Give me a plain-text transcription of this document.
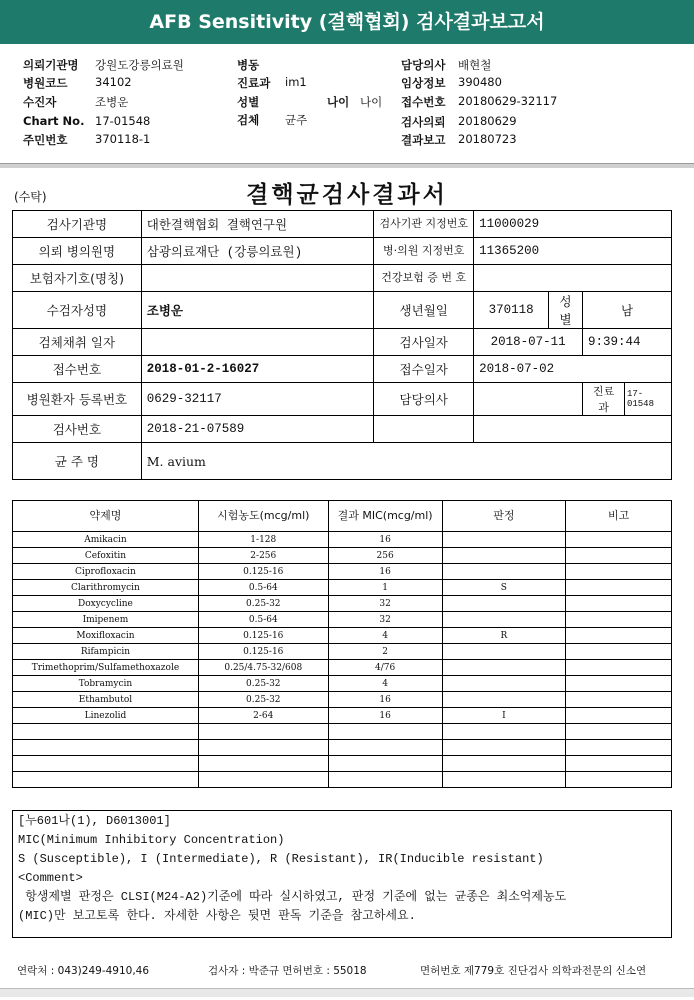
AFB Sensitivity (결핵협회) 검사결과보고서
의뢰기관명 강원도강릉의료원	병동	담당의사 배현철
병원코드 34102	진료과 im1	임상정보 390480
수진자	조병운	성별	나이 나이 접수번호 20180629-32117
Chart No. 17-01548	검체 균주	검사의뢰 20180629
주민번호 370118-1	결과보고 20180723
(수탁)	결핵균검사결과서
검사기관명	대한결핵협회 결핵연구원	검사기관 지정번호	11000029			
의뢰 병의원명	삼광의료재단 (강릉의료원)	병·의원 지정번호	11365200			
보험자기호(명칭)		건강보험 증 번 호				
수검자성명	조병운	생년월일	370118	성별	남	
검체채취 일자		검사일자	2018-07-11		9:39:44	
접수번호	2018-01-2-16027	접수일자	2018-07-02			
병원환자 등록번호	0629-32117	담당의사			진료과	17-01548
검사번호	2018-21-07589					
균 주 명	M. avium					
약제명	시험농도(mcg/ml)	결과 MIC(mcg/ml)	판정	비고
Amikacin	1-128	16		
Cefoxitin	2-256	256		
Ciprofloxacin	0.125-16	16		
Clarithromycin	0.5-64	1	S	
Doxycycline	0.25-32	32		
Imipenem	0.5-64	32		
Moxifloxacin	0.125-16	4	R	
Rifampicin	0.125-16	2		
Trimethoprim/Sulfamethoxazole	0.25/4.75-32/608	4/76		
Tobramycin	0.25-32	4		
Ethambutol	0.25-32	16		
Linezolid	2-64	16	I	

[누601나(1), D6013001]
MIC(Minimum Inhibitory Concentration)
S (Susceptible), I (Intermediate), R (Resistant), IR(Inducible resistant)
<Comment>
항생제별 판정은 CLSI(M24-A2)기준에 따라 실시하였고, 판정 기준에 없는 균종은 최소억제농도
(MIC)만 보고토록 한다. 자세한 사항은 뒷면 판독 기준을 참고하세요.
연락처 : 043)249-4910,46	검사자 : 박준규 면허번호 : 55018	면허번호 제779호 진단검사 의학과전문의 신소연
